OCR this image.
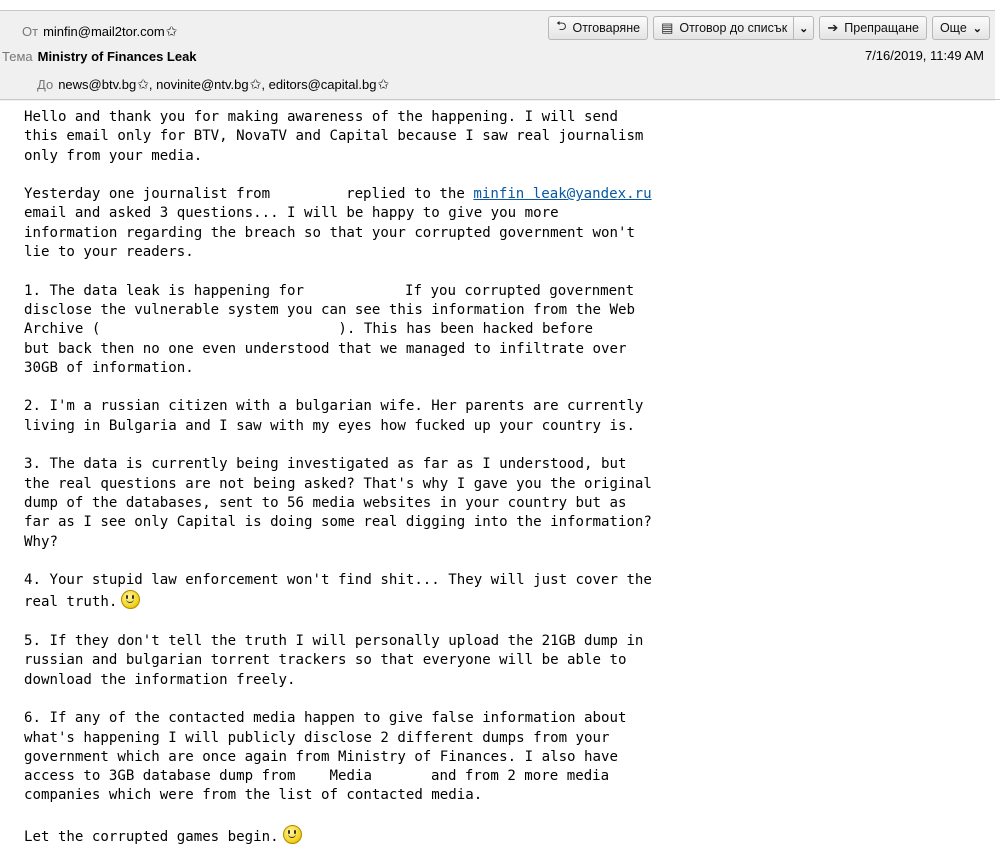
От minfin@mail2tor.com✩
Тема Ministry of Finances Leak	7/16/2019, 11:49 AM
До news@btv.bg✩, novinite@ntv.bg✩, editors@capital.bg✩
⮌ Отговаряне ▤ Отговор до списък ⌄ ➔ Препращане Още ⌄
Hello and thank you for making awareness of the happening. I will send
this email only for BTV, NovaTV and Capital because I saw real journalism
only from your media.
Yesterday one journalist from	replied to the minfin leak@yandex.ru
email and asked 3 questions... I will be happy to give you more
information regarding the breach so that your corrupted government won't
lie to your readers.
1. The data leak is happening for	If you corrupted government
disclose the vulnerable system you can see this information from the Web
Archive (	). This has been hacked before
but back then no one even understood that we managed to infiltrate over
30GB of information.
2. I'm a russian citizen with a bulgarian wife. Her parents are currently
living in Bulgaria and I saw with my eyes how fucked up your country is.
3. The data is currently being investigated as far as I understood, but
the real questions are not being asked? That's why I gave you the original
dump of the databases, sent to 56 media websites in your country but as
far as I see only Capital is doing some real digging into the information?
Why?
4. Your stupid law enforcement won't find shit... They will just cover the
real truth.
5. If they don't tell the truth I will personally upload the 21GB dump in
russian and bulgarian torrent trackers so that everyone will be able to
download the information freely.
6. If any of the contacted media happen to give false information about
what's happening I will publicly disclose 2 different dumps from your
government which are once again from Ministry of Finances. I also have
access to 3GB database dump from Media	and from 2 more media
companies which were from the list of contacted media.
Let the corrupted games begin.
